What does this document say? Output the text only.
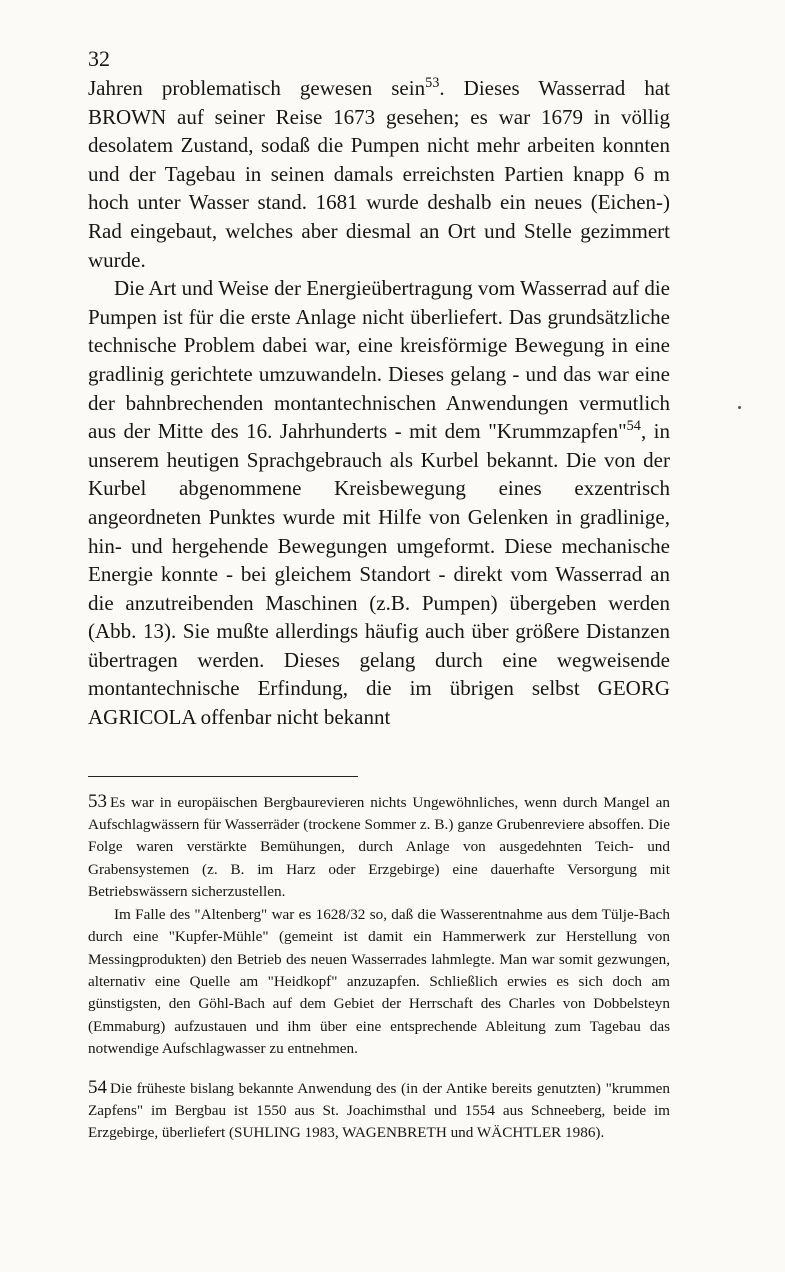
32

Jahren problematisch gewesen sein$^{53}$. Dieses Wasserrad hat BROWN auf seiner Reise 1673 gesehen; es war 1679 in völlig desolatem Zustand, sodaß die Pumpen nicht mehr arbeiten konnten und der Tagebau in seinen damals erreichsten Partien knapp 6 m hoch unter Wasser stand. 1681 wurde deshalb ein neues (Eichen-) Rad eingebaut, welches aber diesmal an Ort und Stelle gezimmert wurde.

Die Art und Weise der Energieübertragung vom Wasserrad auf die Pumpen ist für die erste Anlage nicht überliefert. Das grundsätzliche technische Problem dabei war, eine kreisförmige Bewegung in eine gradlinig gerichtete umzuwandeln. Dieses gelang - und das war eine der bahnbrechenden montantechnischen Anwendungen vermutlich aus der Mitte des 16. Jahrhunderts - mit dem "Krummzapfen"$^{54}$, in unserem heutigen Sprachgebrauch als Kurbel bekannt. Die von der Kurbel abgenommene Kreisbewegung eines exzentrisch angeordneten Punktes wurde mit Hilfe von Gelenken in gradlinige, hin- und hergehende Bewegungen umgeformt. Diese mechanische Energie konnte - bei gleichem Standort - direkt vom Wasserrad an die anzutreibenden Maschinen (z.B. Pumpen) übergeben werden (Abb. 13). Sie mußte allerdings häufig auch über größere Distanzen übertragen werden. Dieses gelang durch eine wegweisende montantechnische Erfindung, die im übrigen selbst GEORG AGRICOLA offenbar nicht bekannt

53 Es war in europäischen Bergbaurevieren nichts Ungewöhnliches, wenn durch Mangel an Aufschlagwässern für Wasserräder (trockene Sommer z. B.) ganze Grubenreviere absoffen. Die Folge waren verstärkte Bemühungen, durch Anlage von ausgedehnten Teich- und Grabensystemen (z. B. im Harz oder Erzgebirge) eine dauerhafte Versorgung mit Betriebswässern sicherzustellen.

Im Falle des "Altenberg" war es 1628/32 so, daß die Wasserentnahme aus dem Tülje-Bach durch eine "Kupfer-Mühle" (gemeint ist damit ein Hammerwerk zur Herstellung von Messingprodukten) den Betrieb des neuen Wasserrades lahmlegte. Man war somit gezwungen, alternativ eine Quelle am "Heidkopf" anzuzapfen. Schließlich erwies es sich doch am günstigsten, den Göhl-Bach auf dem Gebiet der Herrschaft des Charles von Dobbelsteyn (Emmaburg) aufzustauen und ihm über eine entsprechende Ableitung zum Tagebau das notwendige Aufschlagwasser zu entnehmen.

54 Die früheste bislang bekannte Anwendung des (in der Antike bereits genutzten) "krummen Zapfens" im Bergbau ist 1550 aus St. Joachimsthal und 1554 aus Schneeberg, beide im Erzgebirge, überliefert (SUHLING 1983, WAGENBRETH und WÄCHTLER 1986).
